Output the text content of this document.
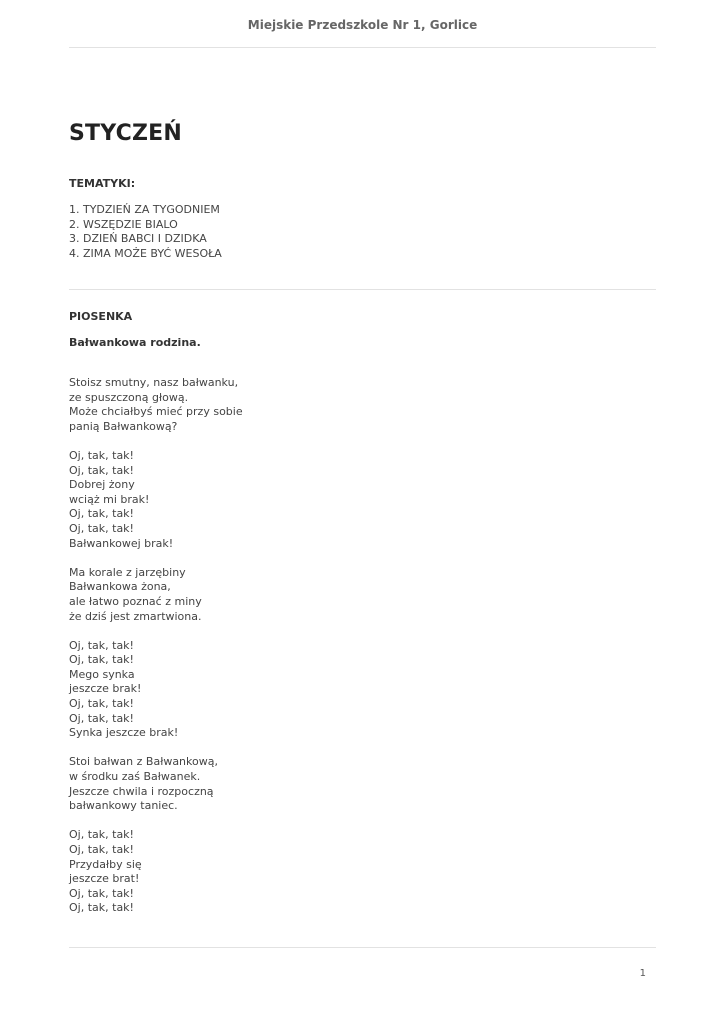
Miejskie Przedszkole Nr 1, Gorlice
STYCZEŃ
TEMATYKI:
1. TYDZIEŃ ZA TYGODNIEM
2. WSZĘDZIE BIALO
3. DZIEŃ BABCI I DZIDKA
4. ZIMA MOŻE BYĆ WESOŁA
PIOSENKA
Bałwankowa rodzina.
Stoisz smutny, nasz bałwanku,
ze spuszczoną głową.
Może chciałbyś mieć przy sobie
panią Bałwankową?
Oj, tak, tak!
Oj, tak, tak!
Dobrej żony
wciąż mi brak!
Oj, tak, tak!
Oj, tak, tak!
Bałwankowej brak!
Ma korale z jarzębiny
Bałwankowa żona,
ale łatwo poznać z miny
że dziś jest zmartwiona.
Oj, tak, tak!
Oj, tak, tak!
Mego synka
jeszcze brak!
Oj, tak, tak!
Oj, tak, tak!
Synka jeszcze brak!
Stoi bałwan z Bałwankową,
w środku zaś Bałwanek.
Jeszcze chwila i rozpoczną
bałwankowy taniec.
Oj, tak, tak!
Oj, tak, tak!
Przydałby się
jeszcze brat!
Oj, tak, tak!
Oj, tak, tak!
1
